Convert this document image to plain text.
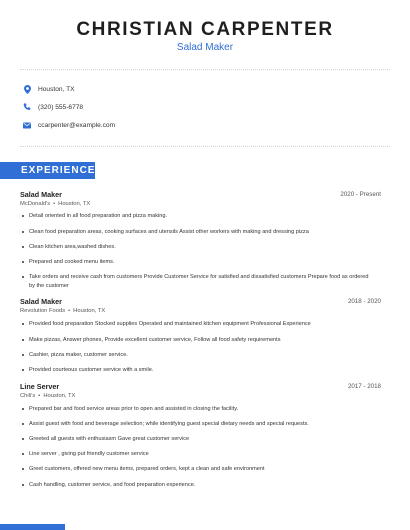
CHRISTIAN CARPENTER
Salad Maker
Houston, TX
(320) 555-6778
ccarpenter@example.com
EXPERIENCE
Salad Maker	2020 - Present
McDonald's • Houston, TX
Detail oriented in all food preparation and pizza making.
Clean food preparation areas, cooking surfaces and utensils Assist other workers with making and dressing pizza
Clean kitchen area,washed dishes.
Prepared and cooked menu items.
Take orders and receive cash from customers Provide Customer Service for satisfied and dissatisfied customers Prepare food as ordered by the customer
Salad Maker	2018 - 2020
Revolution Foods • Houston, TX
Provided food preparation Stocked supplies Operated and maintained kitchen equipment Professional Experience
Make pizzas, Answer phones, Provide excellent customer service, Follow all food safety requirements
Cashier, pizza maker, customer service.
Provided courteous customer service with a smile.
Line Server	2017 - 2018
Chili's • Houston, TX
Prepared bar and food service areas prior to open and assisted in closing the facility.
Assist guest with food and beverage selection; while identifying guest special dietary needs and special requests.
Greeted all guests with enthusiasm Gave great customer service
Line server , giving put friendly customer service
Greet customers, offered new menu items, prepared orders, kept a clean and safe environment
Cash handling, customer service, and food preparation experience.
